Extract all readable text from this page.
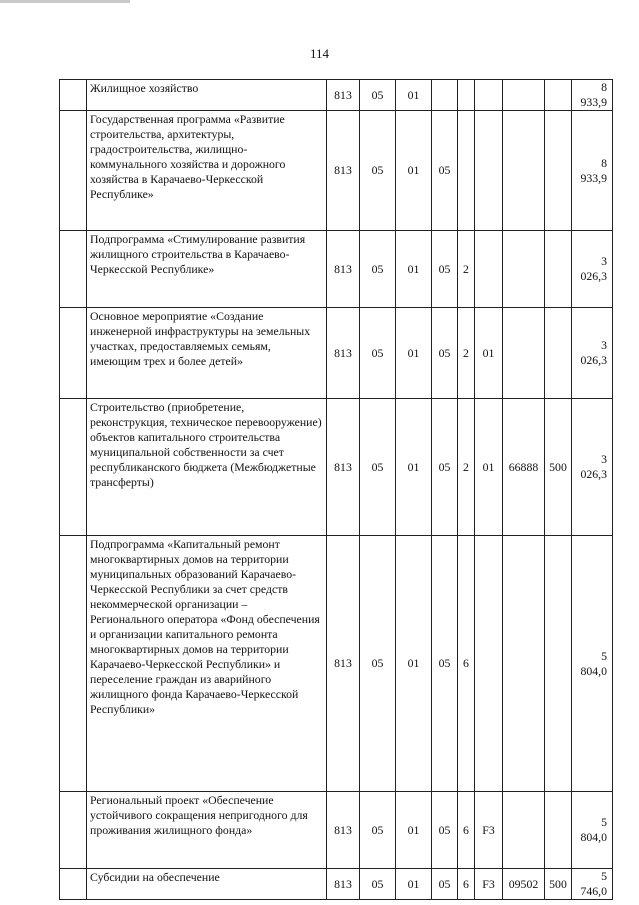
114
	Жилищное хозяйство	813	05	01						8 933,9
	Государственная программа «Развитие строительства, архитектуры, градостроительства, жилищно-коммунального хозяйства и дорожного хозяйства в Карачаево-Черкесской Республике»	813	05	01	05					8 933,9
	Подпрограмма «Стимулирование развития жилищного строительства в Карачаево-Черкесской Республике»	813	05	01	05	2				3 026,3
	Основное мероприятие «Создание инженерной инфраструктуры на земельных участках, предоставляемых семьям, имеющим трех и более детей»	813	05	01	05	2	01			3 026,3
	Строительство (приобретение, реконструкция, техническое перевооружение) объектов капитального строительства муниципальной собственности за счет республиканского бюджета (Межбюджетные трансферты)	813	05	01	05	2	01	66888	500	3 026,3
	Подпрограмма «Капитальный ремонт многоквартирных домов на территории муниципальных образований Карачаево-Черкесской Республики за счет средств некоммерческой организации – Регионального оператора «Фонд обеспечения и организации капитального ремонта многоквартирных домов на территории Карачаево-Черкесской Республики» и переселение граждан из аварийного жилищного фонда Карачаево-Черкесской Республики»	813	05	01	05	6				5 804,0
	Региональный проект «Обеспечение устойчивого сокращения непригодного для проживания жилищного фонда»	813	05	01	05	6	F3			5 804,0
	Субсидии на обеспечение	813	05	01	05	6	F3	09502	500	5 746,0
